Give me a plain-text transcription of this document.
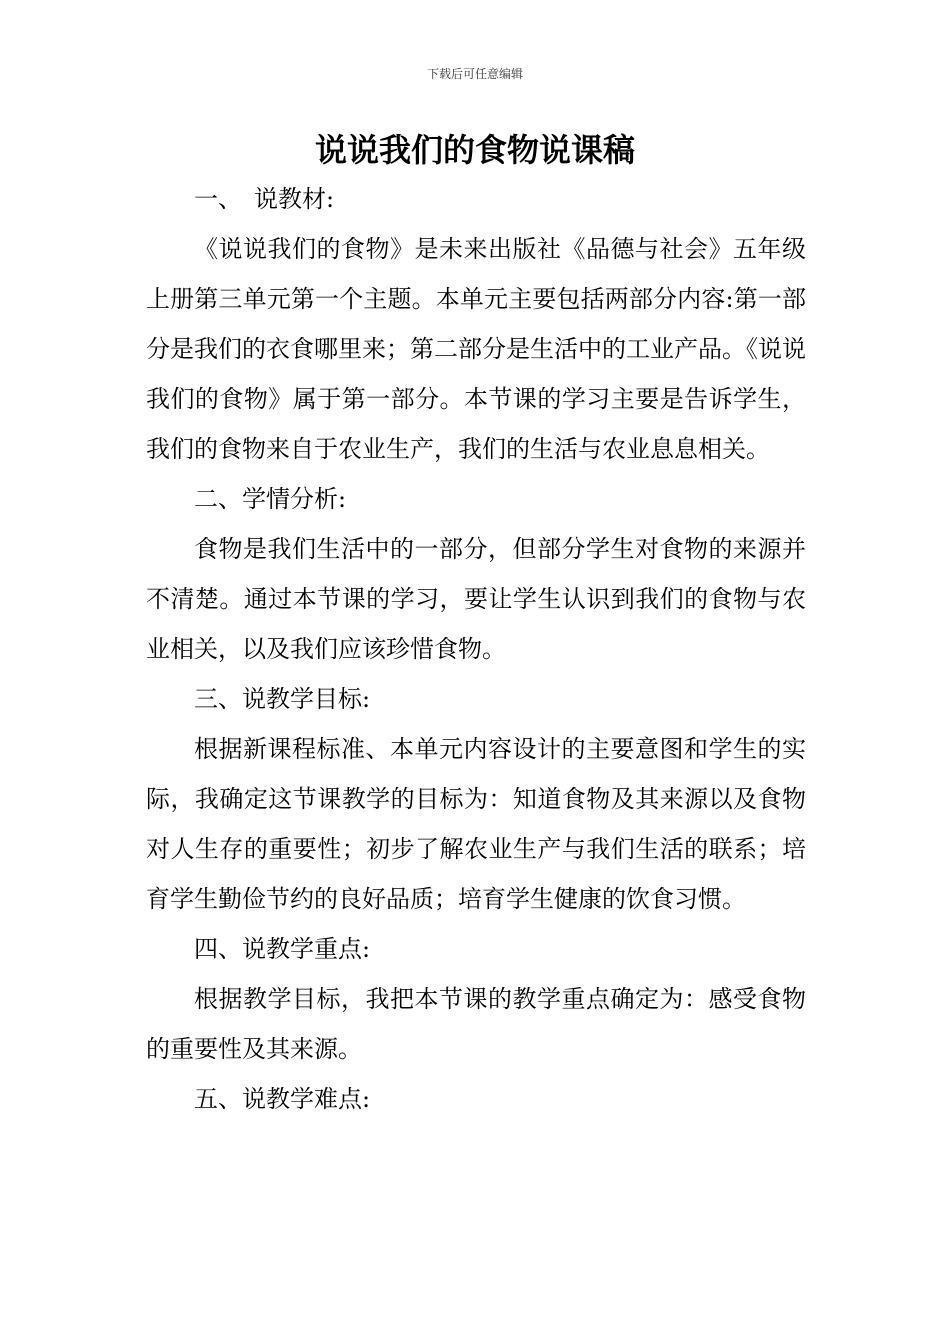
下载后可任意编辑
说说我们的食物说课稿

一、　说教材:

《说说我们的食物》是未来出版社《品德与社会》五年级上册第三单元第一个主题。本单元主要包括两部分内容:第一部分是我们的衣食哪里来；第二部分是生活中的工业产品。《说说我们的食物》属于第一部分。本节课的学习主要是告诉学生，我们的食物来自于农业生产，我们的生活与农业息息相关。

二、学情分析:

食物是我们生活中的一部分，但部分学生对食物的来源并不清楚。通过本节课的学习，要让学生认识到我们的食物与农业相关，以及我们应该珍惜食物。

三、说教学目标:

根据新课程标准、本单元内容设计的主要意图和学生的实际，我确定这节课教学的目标为：知道食物及其来源以及食物对人生存的重要性；初步了解农业生产与我们生活的联系；培育学生勤俭节约的良好品质；培育学生健康的饮食习惯。

四、说教学重点:

根据教学目标，我把本节课的教学重点确定为：感受食物的重要性及其来源。

五、说教学难点:
